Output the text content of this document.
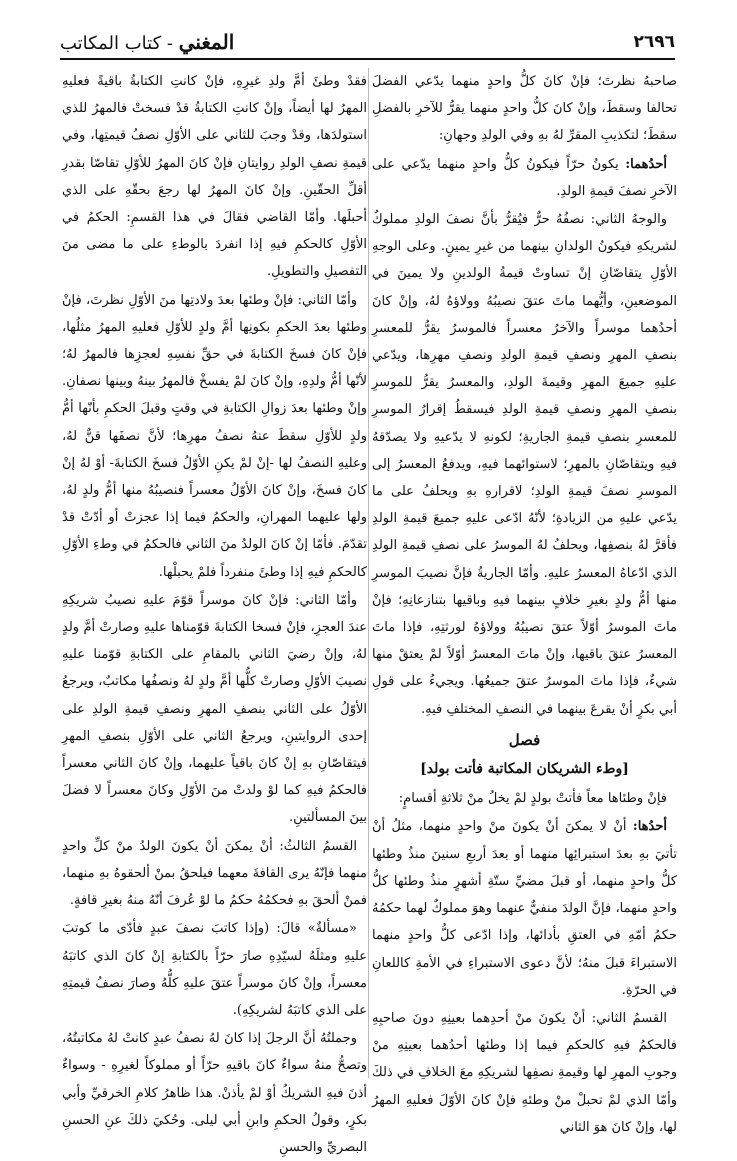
٢٦٩٦
المغني - كتاب المكاتب

صاحبهُ نظرتَ؛ فإنْ كانَ كلُّ واحدٍ منهما يدّعي الفضلَ تحالفا وسقطَ، وإنْ كانَ كلُّ واحدٍ منهما يقرُّ للآخرِ بالفضلِ سقطَ؛ لتكذيبِ المقرِّ لهُ بهِ وفي الولدِ وجهانِ:

أحدُهما: يكونُ حرّاً فيكونُ كلُّ واحدٍ منهما يدّعي على الآخرِ نصفَ قيمةِ الولدِ.

والوجهُ الثاني: نصفُهُ حرٌّ فيُقرُّ بأنَّ نصفَ الولدِ مملوكٌ لشريكهِ فيكونُ الولدانِ بينهما من غيرِ يمينٍ. وعلى الوجهِ الأوّلِ يتقاصّانِ إنْ تساوتْ قيمةُ الولدينِ ولا يمينَ في الموضعينِ، وأيُّهما ماتَ عتقَ نصيبُهُ وولاؤهُ لهُ، وإنْ كانَ أحدُهما موسراً والآخرُ معسراً فالموسرُ يقرُّ للمعسرِ بنصفِ المهرِ ونصفِ قيمةِ الولدِ ونصفِ مهرِها، ويدّعي عليهِ جميعَ المهرِ وقيمةَ الولدِ، والمعسرُ يقرُّ للموسرِ بنصفِ المهرِ ونصفِ قيمةِ الولدِ فيسقطُ إقرارُ الموسرِ للمعسرِ بنصفِ قيمةِ الجاريةِ؛ لكونهِ لا يدّعيهِ ولا يصدّقهُ فيهِ ويتقاصّانِ بالمهرِ؛ لاستوائهما فيهِ، ويدفعُ المعسرُ إلى الموسرِ نصفَ قيمةِ الولدِ؛ لاقرارهِ بهِ ويحلفُ على ما يدّعي عليهِ من الزيادةِ؛ لأنّهُ ادّعى عليهِ جميعَ قيمةِ الولدِ فأقرَّ لهُ بنصفِها، ويحلفُ لهُ الموسرُ على نصفِ قيمةِ الولدِ الذي ادّعاهُ المعسرُ عليهِ. وأمّا الجاريةُ فإنَّ نصيبَ الموسرِ منها أمُّ ولدٍ بغيرِ خلافٍ بينهما فيهِ وباقيها بتنازعانِهِ؛ فإنْ ماتَ الموسرُ أوّلاً عتقَ نصيبُهُ وولاؤهُ لورثتِهِ، فإذا ماتَ المعسرُ عتقَ باقيها، وإنْ ماتَ المعسرُ أوّلاً لمْ يعتقْ منها شيءٌ، فإذا ماتَ الموسرُ عتقَ جميعُها. ويجيءُ على قولِ أبي بكرٍ أنْ يقرعَ بينهما في النصفِ المختلفِ فيهِ.

فصل
[وطء الشريكان المكاتبة فأتت بولد]

فإنْ وطئاها معاً فأتتْ بولدٍ لمْ يخلُ منْ ثلاثةِ أقسامٍ:

أحدُها: أنْ لا يمكنَ أنْ يكونَ منْ واحدٍ منهما، مثلُ أنْ تأتيَ بهِ بعدَ استبرائِها منهما أو بعدَ أربعِ سنينَ منذُ وطئها كلُّ واحدٍ منهما، أو قبلَ مضيِّ ستّةِ أشهرٍ منذُ وطئها كلُّ واحدٍ منهما، فإنَّ الولدَ منفيٌّ عنهما وهوَ مملوكٌ لهما حكمُهُ حكمُ أمّهِ في العتقِ بأدائها، وإذا ادّعى كلُّ واحدٍ منهما الاستبراءَ قبلَ منهُ؛ لأنَّ دعوى الاستبراءِ في الأمةِ كاللعانِ في الحرّةِ.

القسمُ الثاني: أنْ يكونَ منْ أحدِهما بعينِهِ دونَ صاحبِهِ فالحكمُ فيهِ كالحكمِ فيما إذا وطئها أحدُهما بعينِهِ منْ وجوبِ المهرِ لها وقيمةِ نصفِها لشريكِهِ معَ الخلافِ في ذلكَ وأمّا الذي لمْ تحبلْ منْ وطئهِ فإنْ كانَ الأوّلَ فعليهِ المهرُ لها، وإنْ كانَ هوَ الثاني

فقدْ وطئَ أمَّ ولدِ غيرِهِ، فإنْ كانتِ الكتابةُ باقيةً فعليهِ المهرُ لها أيضاً، وإنْ كانتِ الكتابةُ قدْ فسختْ فالمهرُ للذي استولدَها، وقدْ وجبَ للثاني على الأوّلِ نصفُ قيمتِها، وفي قيمةِ نصفِ الولدِ روايتانِ فإنْ كانَ المهرُ للأوّلِ تقاصّا بقدرِ أقلِّ الحقّينِ. وإنْ كانَ المهرُ لها رجعَ بحقّهِ على الذي أحبلَها. وأمّا القاضي فقالَ في هذا القسمِ: الحكمُ في الأوّلِ كالحكمِ فيهِ إذا انفردَ بالوطءِ على ما مضى منَ التفصيلِ والتطويلِ.

وأمّا الثاني: فإنْ وطئها بعدَ ولادتِها منَ الأوّلِ نظرتَ، فإنْ وطئها بعدَ الحكمِ بكونِها أمَّ ولدٍ للأوّلِ فعليهِ المهرُ مثلُها، فإنْ كانَ فسخَ الكتابةَ في حقِّ نفسِهِ لعجزِها فالمهرُ لهُ؛ لأنّها أمُّ ولدِهِ، وإنْ كانَ لمْ يفسخْ فالمهرُ بينهُ وبينها نصفانِ. وإنْ وطئها بعدَ زوالِ الكتابةِ في وقتٍ وقبلَ الحكمِ بأنّها أمُّ ولدٍ للأوّلِ سقطَ عنهُ نصفُ مهرِها؛ لأنَّ نصفَها قنٌّ لهُ، وعليهِ النصفُ لها -إنْ لمْ يكنِ الأوّلُ فسخَ الكتابةَ- أوْ لهُ إنْ كانَ فسخَ، وإنْ كانَ الأوّلُ معسراً فنصيبُهُ منها أمُّ ولدٍ لهُ، ولها عليهما المهرانِ، والحكمُ فيما إذا عجزتْ أو أدّتْ قدْ تقدّمَ. فأمّا إنْ كانَ الولدُ منَ الثاني فالحكمُ في وطءِ الأوّلِ كالحكمِ فيهِ إذا وطئَ منفرداً فلمْ يحبلْها.

وأمّا الثاني: فإنْ كانَ موسراً قوّمَ عليهِ نصيبُ شريكِهِ عندَ العجزِ، فإنْ فسخا الكتابةَ قوّمناها عليهِ وصارتْ أمَّ ولدٍ لهُ، وإنْ رضيَ الثاني بالمقامِ على الكتابةِ قوّمنا عليهِ نصيبَ الأوّلِ وصارتْ كلُّها أمَّ ولدٍ لهُ ونصفُها مكاتبٌ، ويرجعُ الأوّلُ على الثاني بنصفِ المهرِ ونصفِ قيمةِ الولدِ على إحدى الروايتينِ، ويرجعُ الثاني على الأوّلِ بنصفِ المهرِ فيتقاصّانِ بهِ إنْ كانَ باقياً عليهما، وإنْ كانَ الثاني معسراً فالحكمُ فيهِ كما لوْ ولدتْ منَ الأوّلِ وكانَ معسراً لا فضلَ بينَ المسألتينِ.

القسمُ الثالثُ: أنْ يمكنَ أنْ يكونَ الولدُ منْ كلِّ واحدٍ منهما فإنّهُ يرى القافةَ معهما فيلحقُ بمنْ ألحقوهُ بهِ منهما، فمنْ ألحقَ بهِ فحكمُهُ حكمُ ما لوْ عُرفَ أنّهُ منهُ بغيرِ قافةٍ.

«مسألةٌ» قالَ: (وإذا كاتبَ نصفَ عبدٍ فأدّى ما كوتبَ عليهِ ومثلَهُ لسيّدِهِ صارَ حرّاً بالكتابةِ إنْ كانَ الذي كاتبَهُ معسراً، وإنْ كانَ موسراً عتقَ عليهِ كلُّهُ وصارَ نصفُ قيمتِهِ على الذي كاتبَهُ لشريكِهِ).

وجملتُهُ أنَّ الرجلَ إذا كانَ لهُ نصفُ عبدٍ كانتْ لهُ مكاتبتُهُ، وتصحُّ منهُ سواءٌ كانَ باقيهِ حرّاً أو مملوكاً لغيرِهِ - وسواءٌ أذنَ فيهِ الشريكُ أوْ لمْ يأذنْ. هذا ظاهرُ كلامِ الخرقيِّ وأبي بكرٍ، وقولُ الحكمِ وابنِ أبي ليلى. وحُكيَ ذلكَ عنِ الحسنِ البصريِّ والحسنِ
